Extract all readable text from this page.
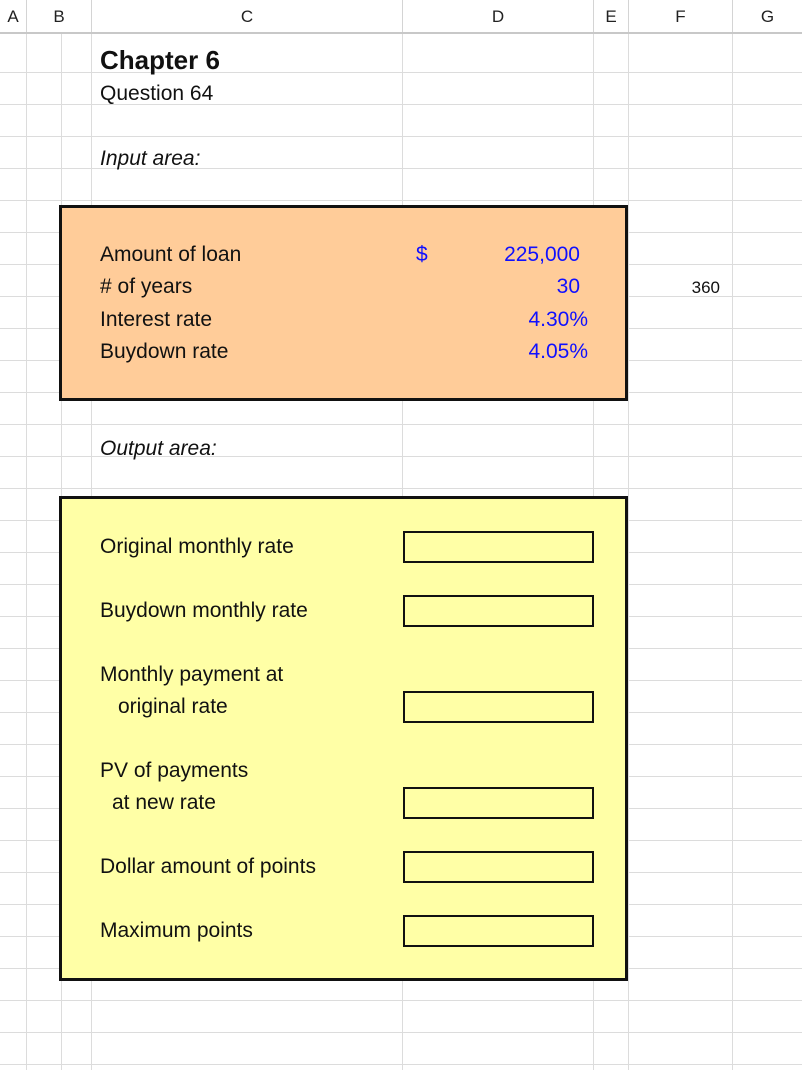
A	B	C	D	E	F	G
Chapter 6
Question 64
Input area:
Amount of loan	$	225,000
# of years	30	360
Interest rate	4.30%
Buydown rate	4.05%
Output area:
Original monthly rate
Buydown monthly rate
Monthly payment at
original rate
PV of payments
at new rate
Dollar amount of points
Maximum points
